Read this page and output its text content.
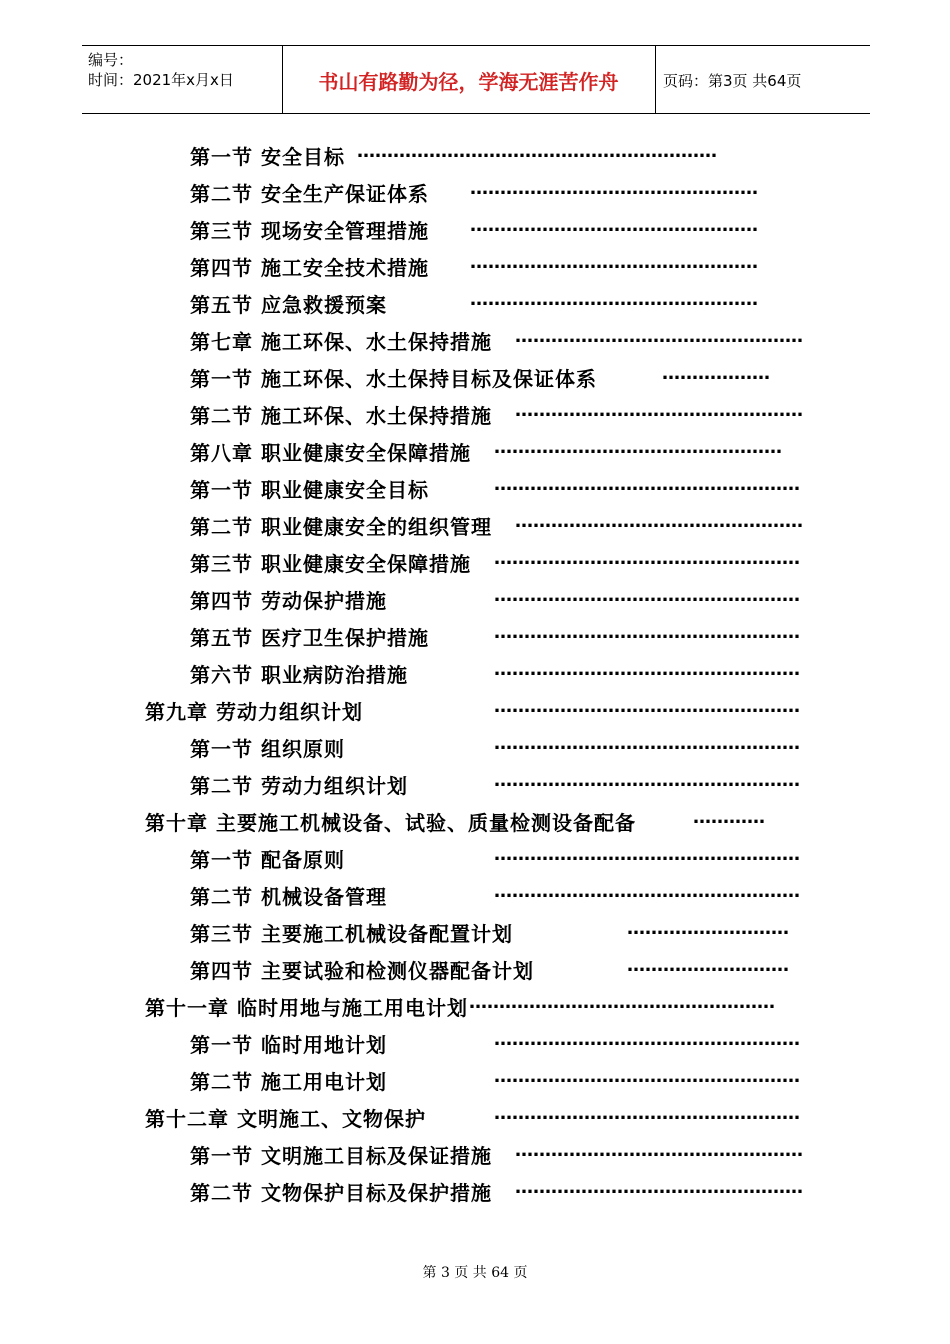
编号：
时间：2021年x月x日	书山有路勤为径，学海无涯苦作舟	页码：第3页 共64页
第一节 安全目标 ……………………………………………………
第二节 安全生产保证体系 …………………………………………
第三节 现场安全管理措施 …………………………………………
第四节 施工安全技术措施 …………………………………………
第五节 应急救援预案	…………………………………………
第七章 施工环保、水土保持措施 …………………………………………
第一节 施工环保、水土保持目标及保证体系	………………
第二节 施工环保、水土保持措施 …………………………………………
第八章 职业健康安全保障措施 …………………………………………
第一节 职业健康安全目标	……………………………………………
第二节 职业健康安全的组织管理 …………………………………………
第三节 职业健康安全保障措施 ……………………………………………
第四节 劳动保护措施	……………………………………………
第五节 医疗卫生保护措施	……………………………………………
第六节 职业病防治措施	……………………………………………
第九章 劳动力组织计划	……………………………………………
第一节 组织原则	……………………………………………
第二节 劳动力组织计划	……………………………………………
第十章 主要施工机械设备、试验、质量检测设备配备	…………
第一节 配备原则	……………………………………………
第二节 机械设备管理	……………………………………………
第三节 主要施工机械设备配置计划	………………………
第四节 主要试验和检测仪器配备计划	………………………
第十一章 临时用地与施工用电计划 ……………………………………………
第一节 临时用地计划	……………………………………………
第二节 施工用电计划	……………………………………………
第十二章 文明施工、文物保护	……………………………………………
第一节 文明施工目标及保证措施 …………………………………………
第二节 文物保护目标及保护措施 …………………………………………
第 3 页 共 64 页
